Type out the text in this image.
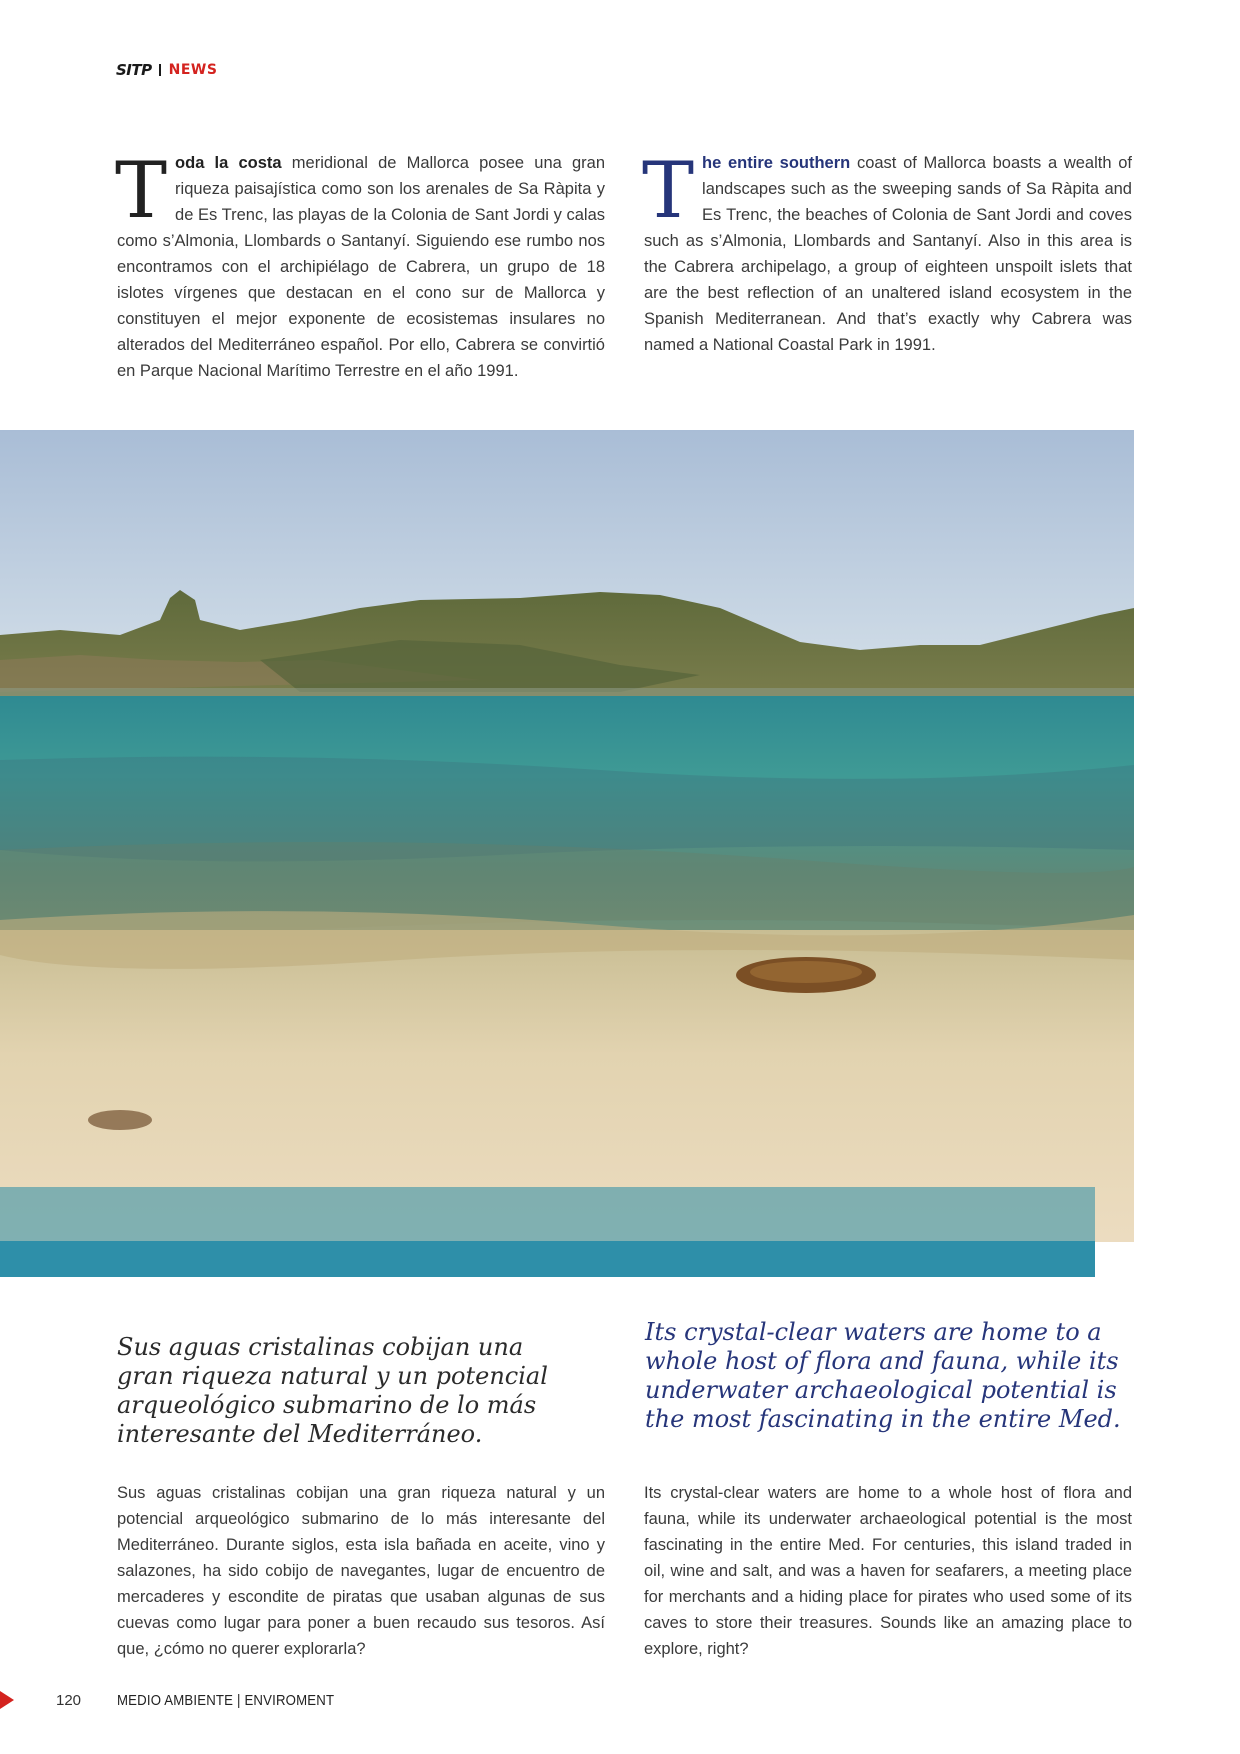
SITP NEWS
Toda la costa meridional de Mallorca posee una gran riqueza paisajística como son los arenales de Sa Ràpita y de Es Trenc, las playas de la Colonia de Sant Jordi y calas como s’Almonia, Llombards o Santanyí. Siguiendo ese rumbo nos encontramos con el archipiélago de Cabrera, un grupo de 18 islotes vírgenes que destacan en el cono sur de Mallorca y constituyen el mejor exponente de ecosistemas insulares no alterados del Mediterráneo español. Por ello, Cabrera se convirtió en Parque Nacional Marítimo Terrestre en el año 1991.
The entire southern coast of Mallorca boasts a wealth of landscapes such as the sweeping sands of Sa Ràpita and Es Trenc, the beaches of Colonia de Sant Jordi and coves such as s’Almonia, Llombards and Santanyí. Also in this area is the Cabrera archipelago, a group of eighteen unspoilt islets that are the best reflection of an unaltered island ecosystem in the Spanish Mediterranean. And that’s exactly why Cabrera was named a National Coastal Park in 1991.
Sus aguas cristalinas cobijan una gran riqueza natural y un potencial arqueológico submarino de lo más interesante del Mediterráneo.
Its crystal-clear waters are home to a whole host of flora and fauna, while its underwater archaeological potential is the most fascinating in the entire Med.
Sus aguas cristalinas cobijan una gran riqueza natural y un potencial arqueológico submarino de lo más interesante del Mediterráneo. Durante siglos, esta isla bañada en aceite, vino y salazones, ha sido cobijo de navegantes, lugar de encuentro de mercaderes y escondite de piratas que usaban algunas de sus cuevas como lugar para poner a buen recaudo sus tesoros. Así que, ¿cómo no querer explorarla?
Its crystal-clear waters are home to a whole host of flora and fauna, while its underwater archaeological potential is the most fascinating in the entire Med. For centuries, this island traded in oil, wine and salt, and was a haven for seafarers, a meeting place for merchants and a hiding place for pirates who used some of its caves to store their treasures. Sounds like an amazing place to explore, right?
120 MEDIO AMBIENTE | ENVIROMENT
